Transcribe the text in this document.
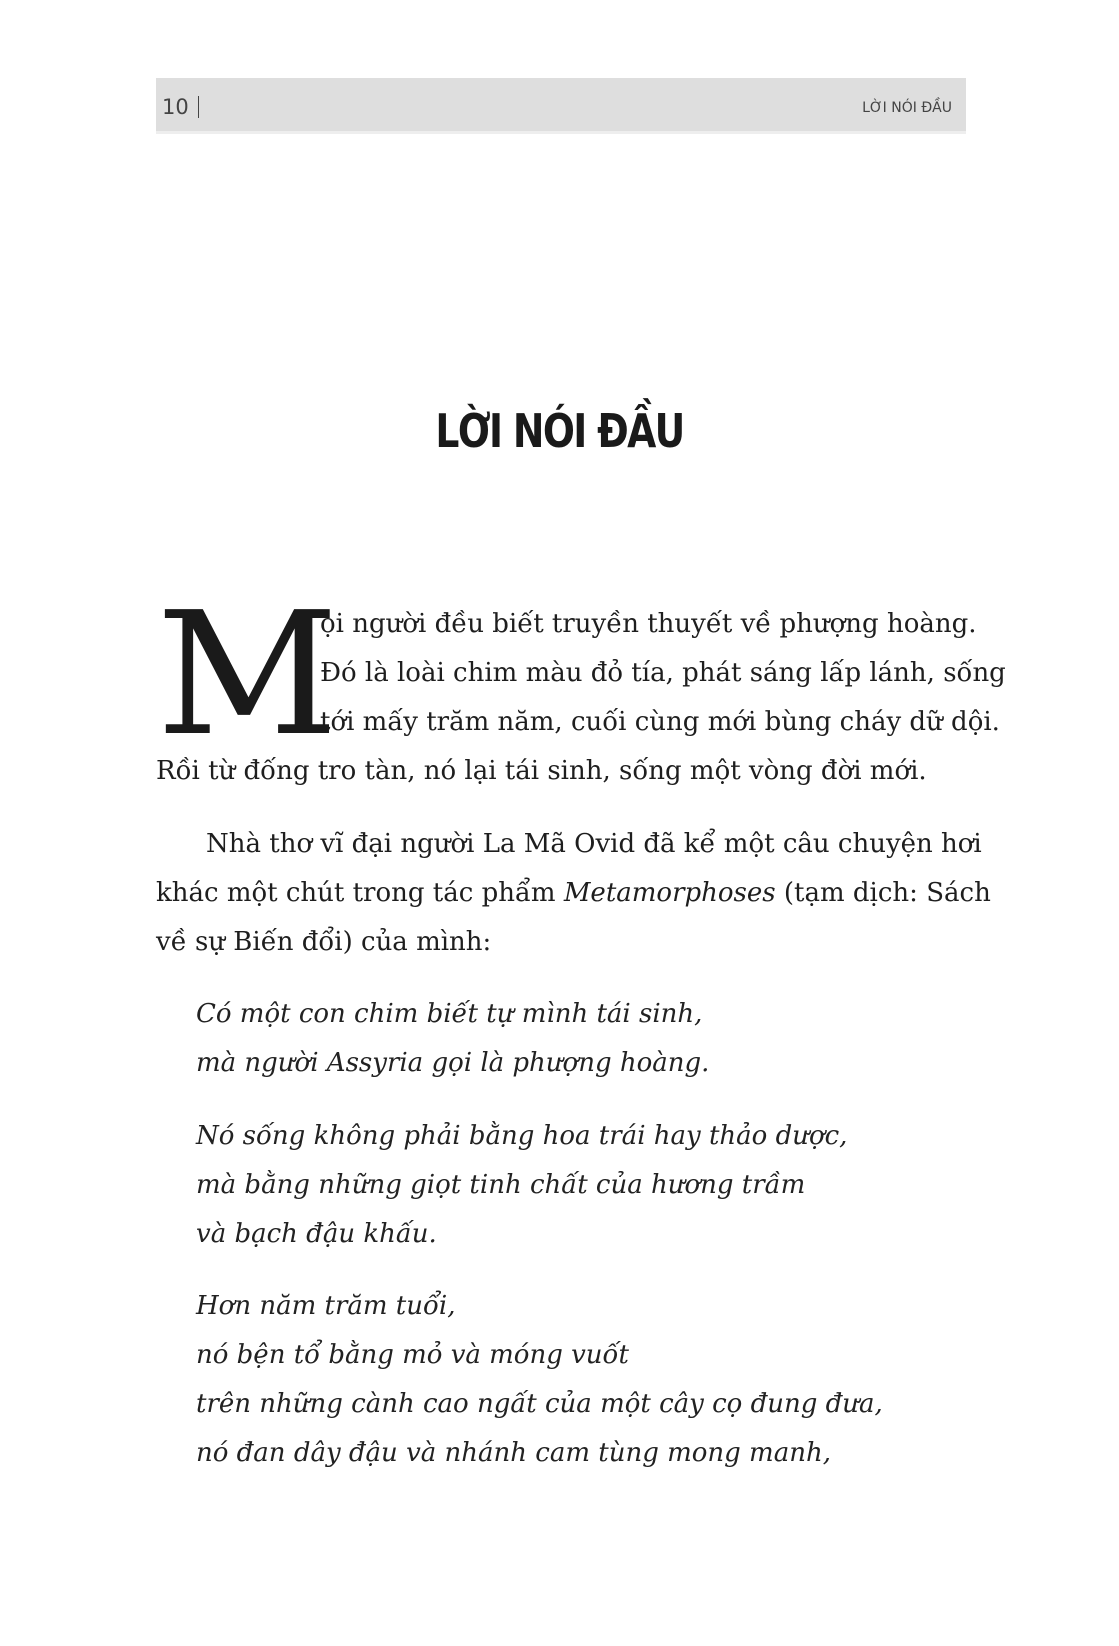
10	LỜI NÓI ĐẦU
LỜI NÓI ĐẦU
M
ọi người đều biết truyền thuyết về phượng hoàng.
Đó là loài chim màu đỏ tía, phát sáng lấp lánh, sống
tới mấy trăm năm, cuối cùng mới bùng cháy dữ dội.
Rồi từ đống tro tàn, nó lại tái sinh, sống một vòng đời mới.
Nhà thơ vĩ đại người La Mã Ovid đã kể một câu chuyện hơi
khác một chút trong tác phẩm Metamorphoses (tạm dịch: Sách
về sự Biến đổi) của mình:
Có một con chim biết tự mình tái sinh,
mà người Assyria gọi là phượng hoàng.
Nó sống không phải bằng hoa trái hay thảo dược,
mà bằng những giọt tinh chất của hương trầm
và bạch đậu khấu.
Hơn năm trăm tuổi,
nó bện tổ bằng mỏ và móng vuốt
trên những cành cao ngất của một cây cọ đung đưa,
nó đan dây đậu và nhánh cam tùng mong manh,
